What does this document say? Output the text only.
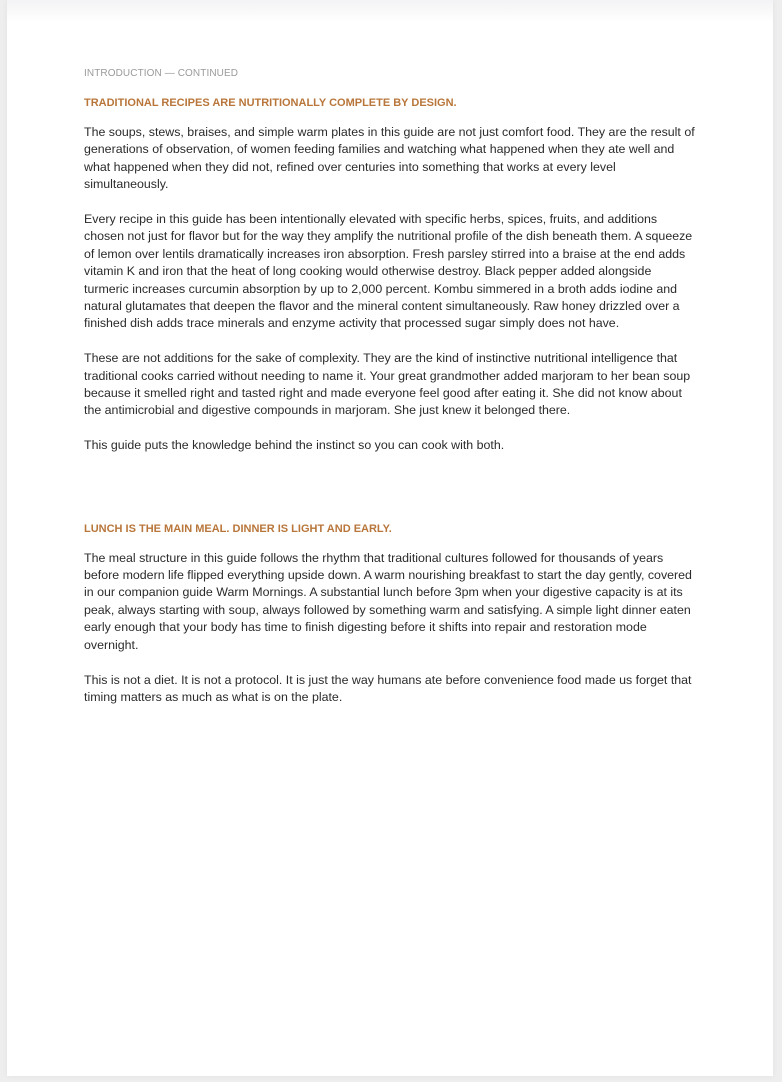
INTRODUCTION — CONTINUED

TRADITIONAL RECIPES ARE NUTRITIONALLY COMPLETE BY DESIGN.

The soups, stews, braises, and simple warm plates in this guide are not just comfort food. They are the result of generations of observation, of women feeding families and watching what happened when they ate well and what happened when they did not, refined over centuries into something that works at every level simultaneously.

Every recipe in this guide has been intentionally elevated with specific herbs, spices, fruits, and additions chosen not just for flavor but for the way they amplify the nutritional profile of the dish beneath them. A squeeze of lemon over lentils dramatically increases iron absorption. Fresh parsley stirred into a braise at the end adds vitamin K and iron that the heat of long cooking would otherwise destroy. Black pepper added alongside turmeric increases curcumin absorption by up to 2,000 percent. Kombu simmered in a broth adds iodine and natural glutamates that deepen the flavor and the mineral content simultaneously. Raw honey drizzled over a finished dish adds trace minerals and enzyme activity that processed sugar simply does not have.

These are not additions for the sake of complexity. They are the kind of instinctive nutritional intelligence that traditional cooks carried without needing to name it. Your great grandmother added marjoram to her bean soup because it smelled right and tasted right and made everyone feel good after eating it. She did not know about the antimicrobial and digestive compounds in marjoram. She just knew it belonged there.

This guide puts the knowledge behind the instinct so you can cook with both.

LUNCH IS THE MAIN MEAL. DINNER IS LIGHT AND EARLY.

The meal structure in this guide follows the rhythm that traditional cultures followed for thousands of years before modern life flipped everything upside down. A warm nourishing breakfast to start the day gently, covered in our companion guide Warm Mornings. A substantial lunch before 3pm when your digestive capacity is at its peak, always starting with soup, always followed by something warm and satisfying. A simple light dinner eaten early enough that your body has time to finish digesting before it shifts into repair and restoration mode overnight.

This is not a diet. It is not a protocol. It is just the way humans ate before convenience food made us forget that timing matters as much as what is on the plate.
